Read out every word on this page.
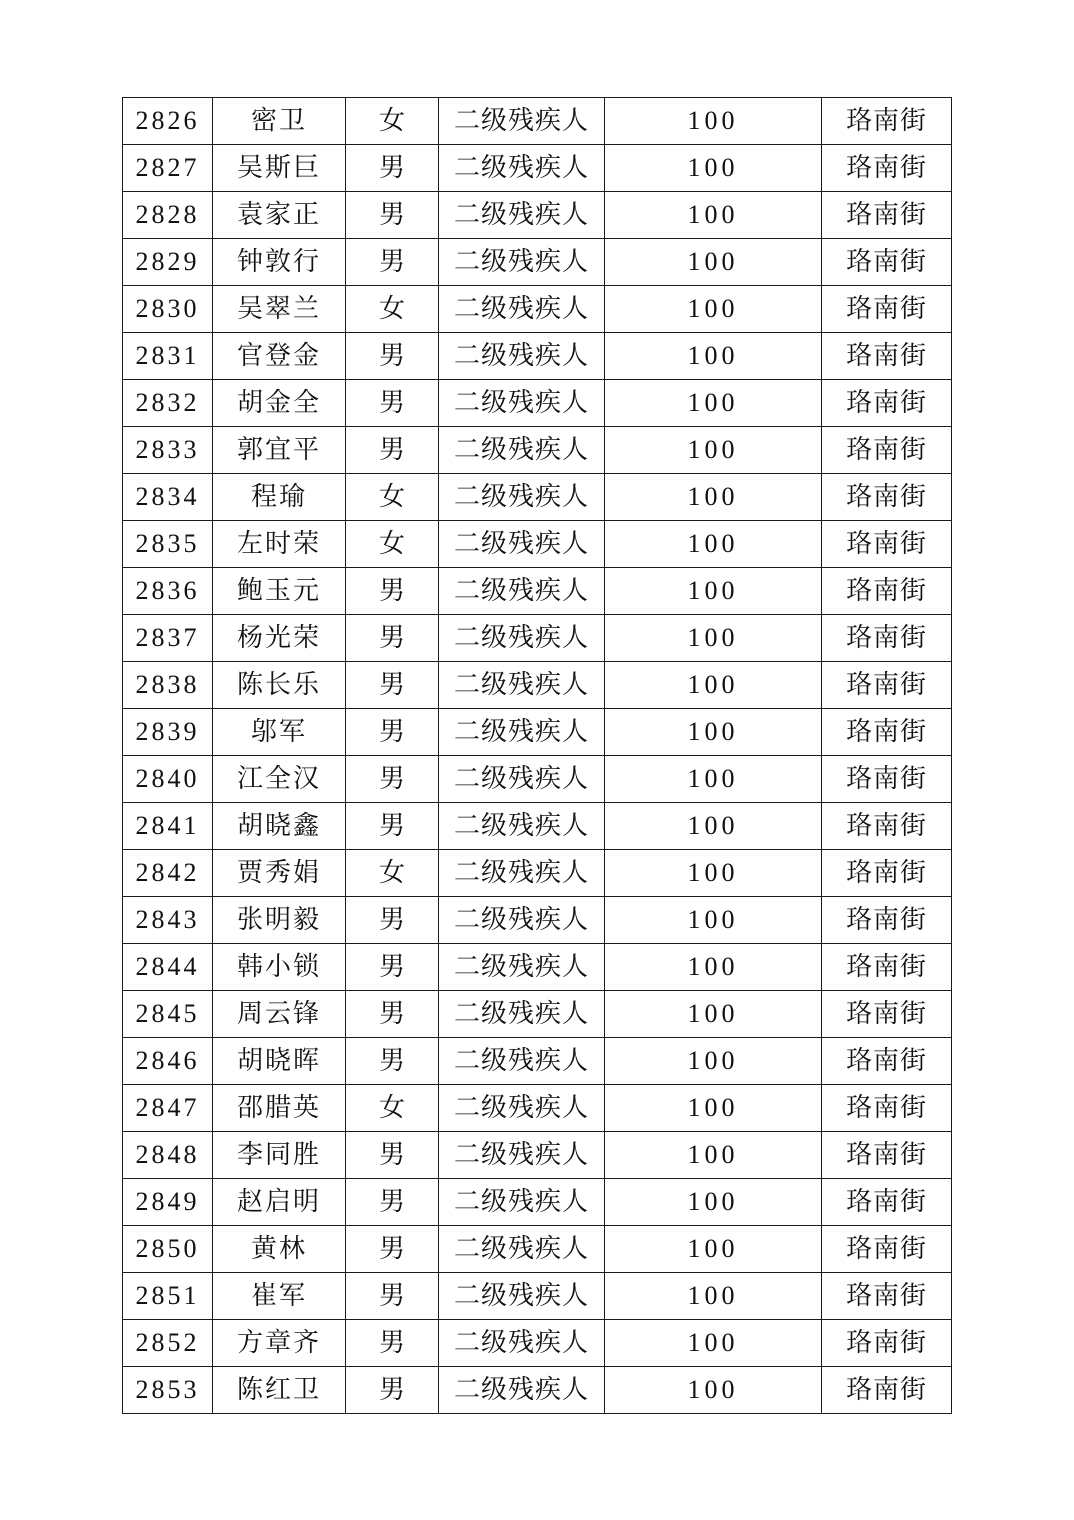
2826	密卫	女	二级残疾人	100	珞南街
2827	吴斯巨	男	二级残疾人	100	珞南街
2828	袁家正	男	二级残疾人	100	珞南街
2829	钟敦行	男	二级残疾人	100	珞南街
2830	吴翠兰	女	二级残疾人	100	珞南街
2831	官登金	男	二级残疾人	100	珞南街
2832	胡金全	男	二级残疾人	100	珞南街
2833	郭宜平	男	二级残疾人	100	珞南街
2834	程瑜	女	二级残疾人	100	珞南街
2835	左时荣	女	二级残疾人	100	珞南街
2836	鲍玉元	男	二级残疾人	100	珞南街
2837	杨光荣	男	二级残疾人	100	珞南街
2838	陈长乐	男	二级残疾人	100	珞南街
2839	邬军	男	二级残疾人	100	珞南街
2840	江全汉	男	二级残疾人	100	珞南街
2841	胡晓鑫	男	二级残疾人	100	珞南街
2842	贾秀娟	女	二级残疾人	100	珞南街
2843	张明毅	男	二级残疾人	100	珞南街
2844	韩小锁	男	二级残疾人	100	珞南街
2845	周云锋	男	二级残疾人	100	珞南街
2846	胡晓晖	男	二级残疾人	100	珞南街
2847	邵腊英	女	二级残疾人	100	珞南街
2848	李同胜	男	二级残疾人	100	珞南街
2849	赵启明	男	二级残疾人	100	珞南街
2850	黄林	男	二级残疾人	100	珞南街
2851	崔军	男	二级残疾人	100	珞南街
2852	方章齐	男	二级残疾人	100	珞南街
2853	陈红卫	男	二级残疾人	100	珞南街
